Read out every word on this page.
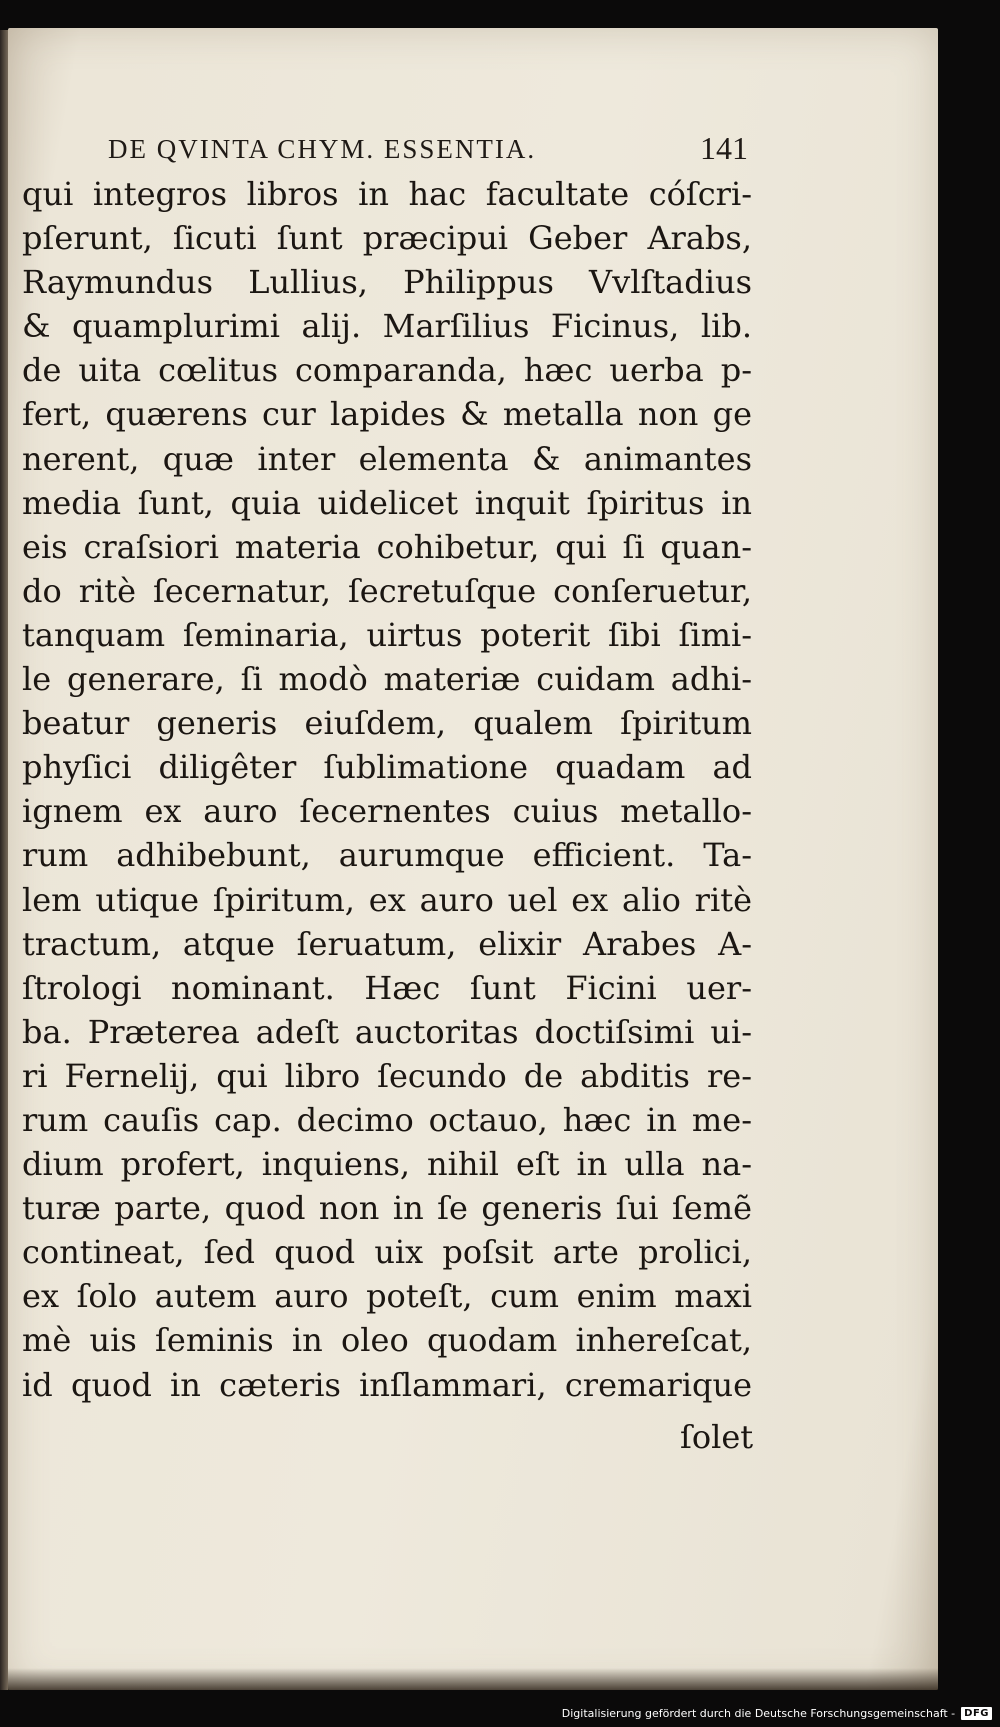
DE QVINTA CHYM. ESSENTIA.	141
qui integros libros in hac facultate cóſcri-
pſerunt, ſicuti ſunt præcipui Geber Arabs,
Raymundus Lullius, Philippus Vvlſtadius
& quamplurimi alij. Marſilius Ficinus, lib.
de uita cœlitus comparanda, hæc uerba p-
fert, quærens cur lapides & metalla non ge
nerent, quæ inter elementa & animantes
media ſunt, quia uidelicet inquit ſpiritus in
eis craſsiori materia cohibetur, qui ſi quan-
do ritè ſecernatur, ſecretuſque conſeruetur,
tanquam ſeminaria, uirtus poterit ſibi ſimi-
le generare, ſi modò materiæ cuidam adhi-
beatur generis eiuſdem, qualem ſpiritum
phyſici diligêter ſublimatione quadam ad
ignem ex auro ſecernentes cuius metallo-
rum adhibebunt, aurumque efficient. Ta-
lem utique ſpiritum, ex auro uel ex alio ritè
tractum, atque ſeruatum, elixir Arabes A-
ſtrologi nominant. Hæc ſunt Ficini uer-
ba. Præterea adeſt auctoritas doctiſsimi ui-
ri Fernelij, qui libro ſecundo de abditis re-
rum cauſis cap. decimo octauo, hæc in me-
dium profert, inquiens, nihil eſt in ulla na-
turæ parte, quod non in ſe generis ſui ſemẽ
contineat, ſed quod uix poſsit arte prolici,
ex ſolo autem auro poteſt, cum enim maxi
mè uis ſeminis in oleo quodam inhereſcat,
id quod in cæteris inſlammari, cremarique
ſolet
Digitalisierung gefördert durch die Deutsche Forschungsgemeinschaft - DFG
